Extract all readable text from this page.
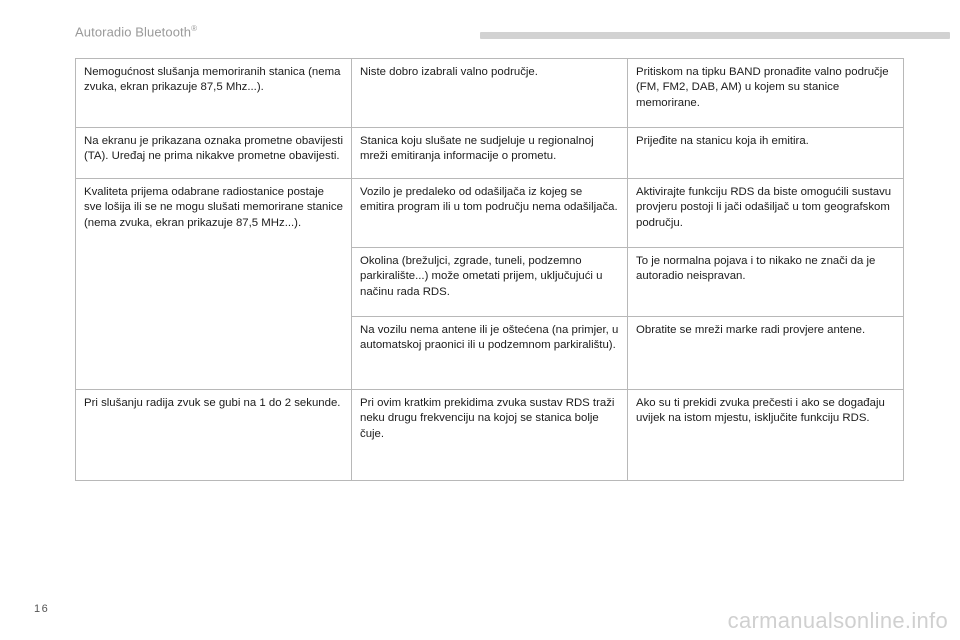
Autoradio Bluetooth®
Nemogućnost slušanja memoriranih stanica (nema zvuka, ekran prikazuje 87,5 Mhz...).	Niste dobro izabrali valno područje.	Pritiskom na tipku BAND pronađite valno područje (FM, FM2, DAB, AM) u kojem su stanice memorirane.
Na ekranu je prikazana oznaka prometne obavijesti (TA). Uređaj ne prima nikakve prometne obavijesti.	Stanica koju slušate ne sudjeluje u regionalnoj mreži emitiranja informacije o prometu.	Prijeđite na stanicu koja ih emitira.
Kvaliteta prijema odabrane radiostanice postaje sve lošija ili se ne mogu slušati memorirane stanice (nema zvuka, ekran prikazuje 87,5 MHz...).	Vozilo je predaleko od odašiljača iz kojeg se emitira program ili u tom području nema odašiljača.	Aktivirajte funkciju RDS da biste omogućili sustavu provjeru postoji li jači odašiljač u tom geografskom području.
	Okolina (brežuljci, zgrade, tuneli, podzemno parkiralište...) može ometati prijem, uključujući u načinu rada RDS.	To je normalna pojava i to nikako ne znači da je autoradio neispravan.
	Na vozilu nema antene ili je oštećena (na primjer, u automatskoj praonici ili u podzemnom parkiralištu).	Obratite se mreži marke radi provjere antene.
Pri slušanju radija zvuk se gubi na 1 do 2 sekunde.	Pri ovim kratkim prekidima zvuka sustav RDS traži neku drugu frekvenciju na kojoj se stanica bolje čuje.	Ako su ti prekidi zvuka prečesti i ako se događaju uvijek na istom mjestu, isključite funkciju RDS.
16	carmanualsonline.info
